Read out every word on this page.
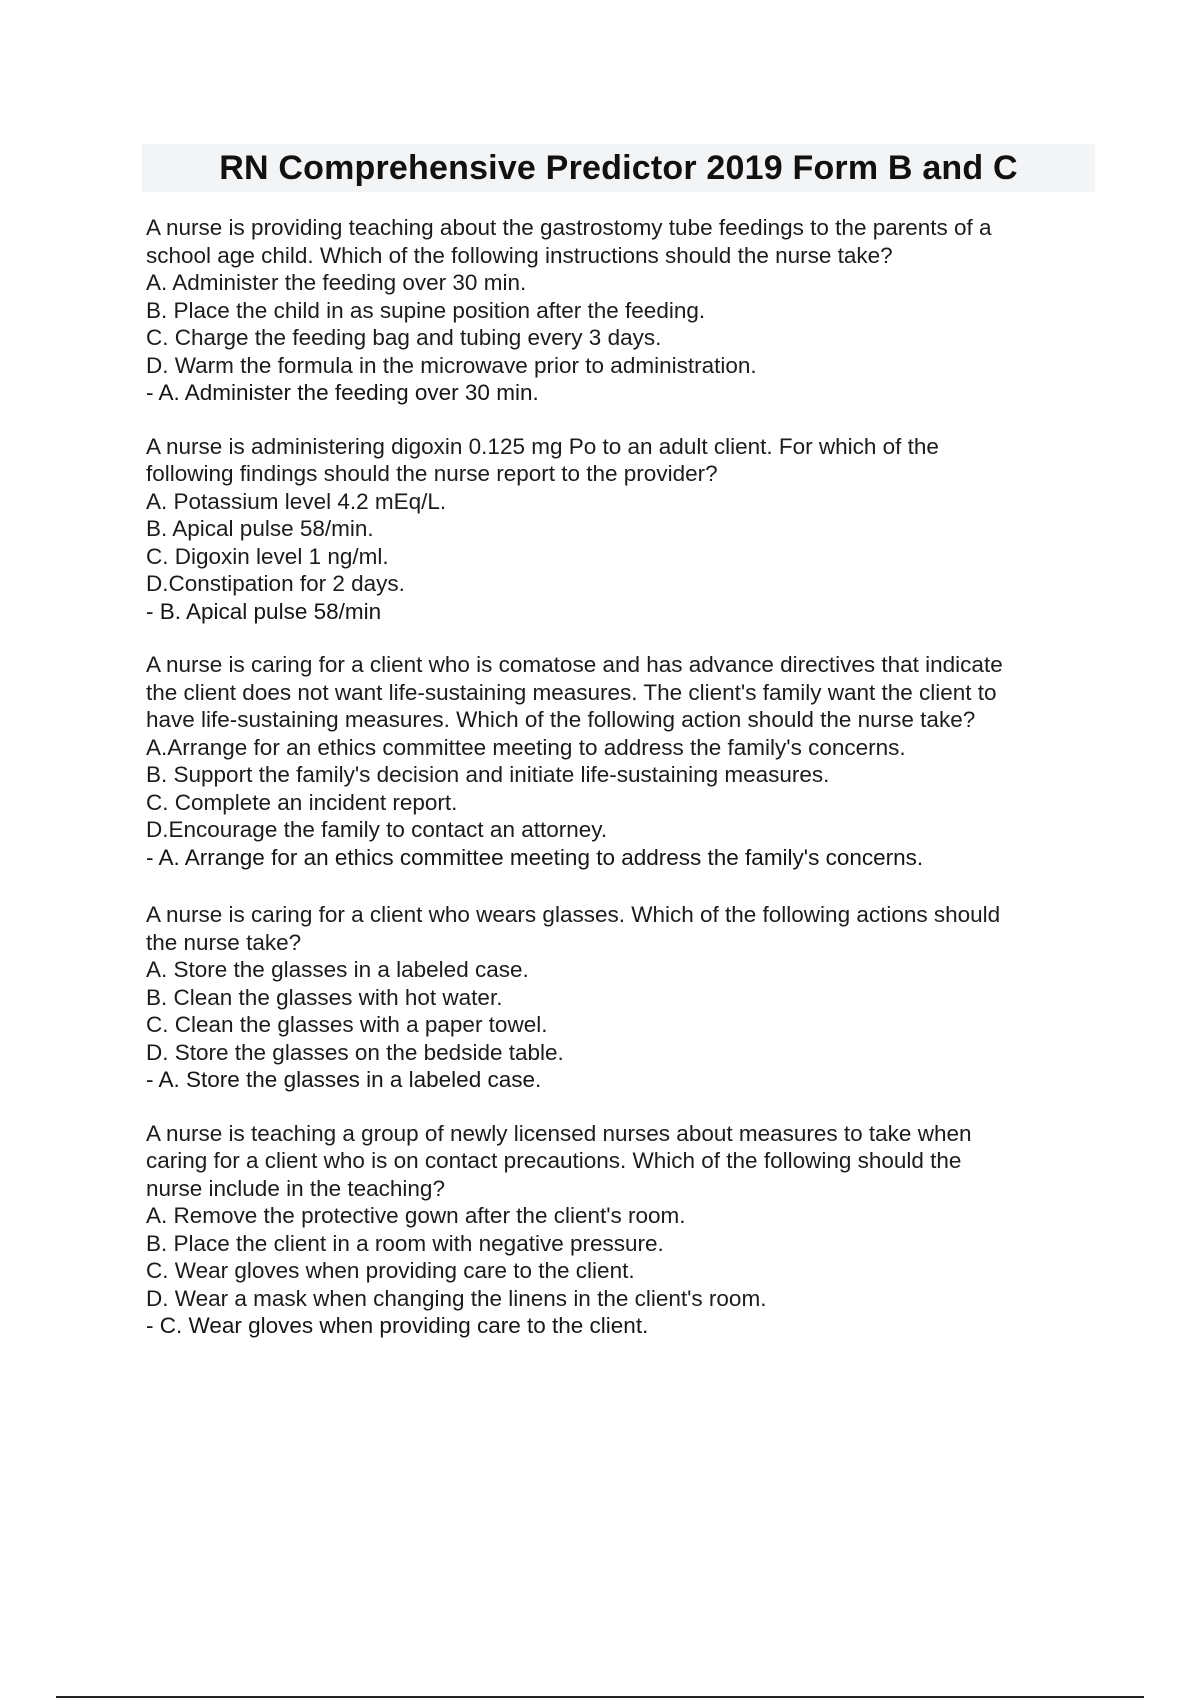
RN Comprehensive Predictor 2019 Form B and C
A nurse is providing teaching about the gastrostomy tube feedings to the parents of a
school age child. Which of the following instructions should the nurse take?
A. Administer the feeding over 30 min.
B. Place the child in as supine position after the feeding.
C. Charge the feeding bag and tubing every 3 days.
D. Warm the formula in the microwave prior to administration.
- A. Administer the feeding over 30 min.
A nurse is administering digoxin 0.125 mg Po to an adult client. For which of the
following findings should the nurse report to the provider?
A. Potassium level 4.2 mEq/L.
B. Apical pulse 58/min.
C. Digoxin level 1 ng/ml.
D.Constipation for 2 days.
- B. Apical pulse 58/min
A nurse is caring for a client who is comatose and has advance directives that indicate
the client does not want life-sustaining measures. The client's family want the client to
have life-sustaining measures. Which of the following action should the nurse take?
A.Arrange for an ethics committee meeting to address the family's concerns.
B. Support the family's decision and initiate life-sustaining measures.
C. Complete an incident report.
D.Encourage the family to contact an attorney.
- A. Arrange for an ethics committee meeting to address the family's concerns.
A nurse is caring for a client who wears glasses. Which of the following actions should
the nurse take?
A. Store the glasses in a labeled case.
B. Clean the glasses with hot water.
C. Clean the glasses with a paper towel.
D. Store the glasses on the bedside table.
- A. Store the glasses in a labeled case.
A nurse is teaching a group of newly licensed nurses about measures to take when
caring for a client who is on contact precautions. Which of the following should the
nurse include in the teaching?
A. Remove the protective gown after the client's room.
B. Place the client in a room with negative pressure.
C. Wear gloves when providing care to the client.
D. Wear a mask when changing the linens in the client's room.
- C. Wear gloves when providing care to the client.
